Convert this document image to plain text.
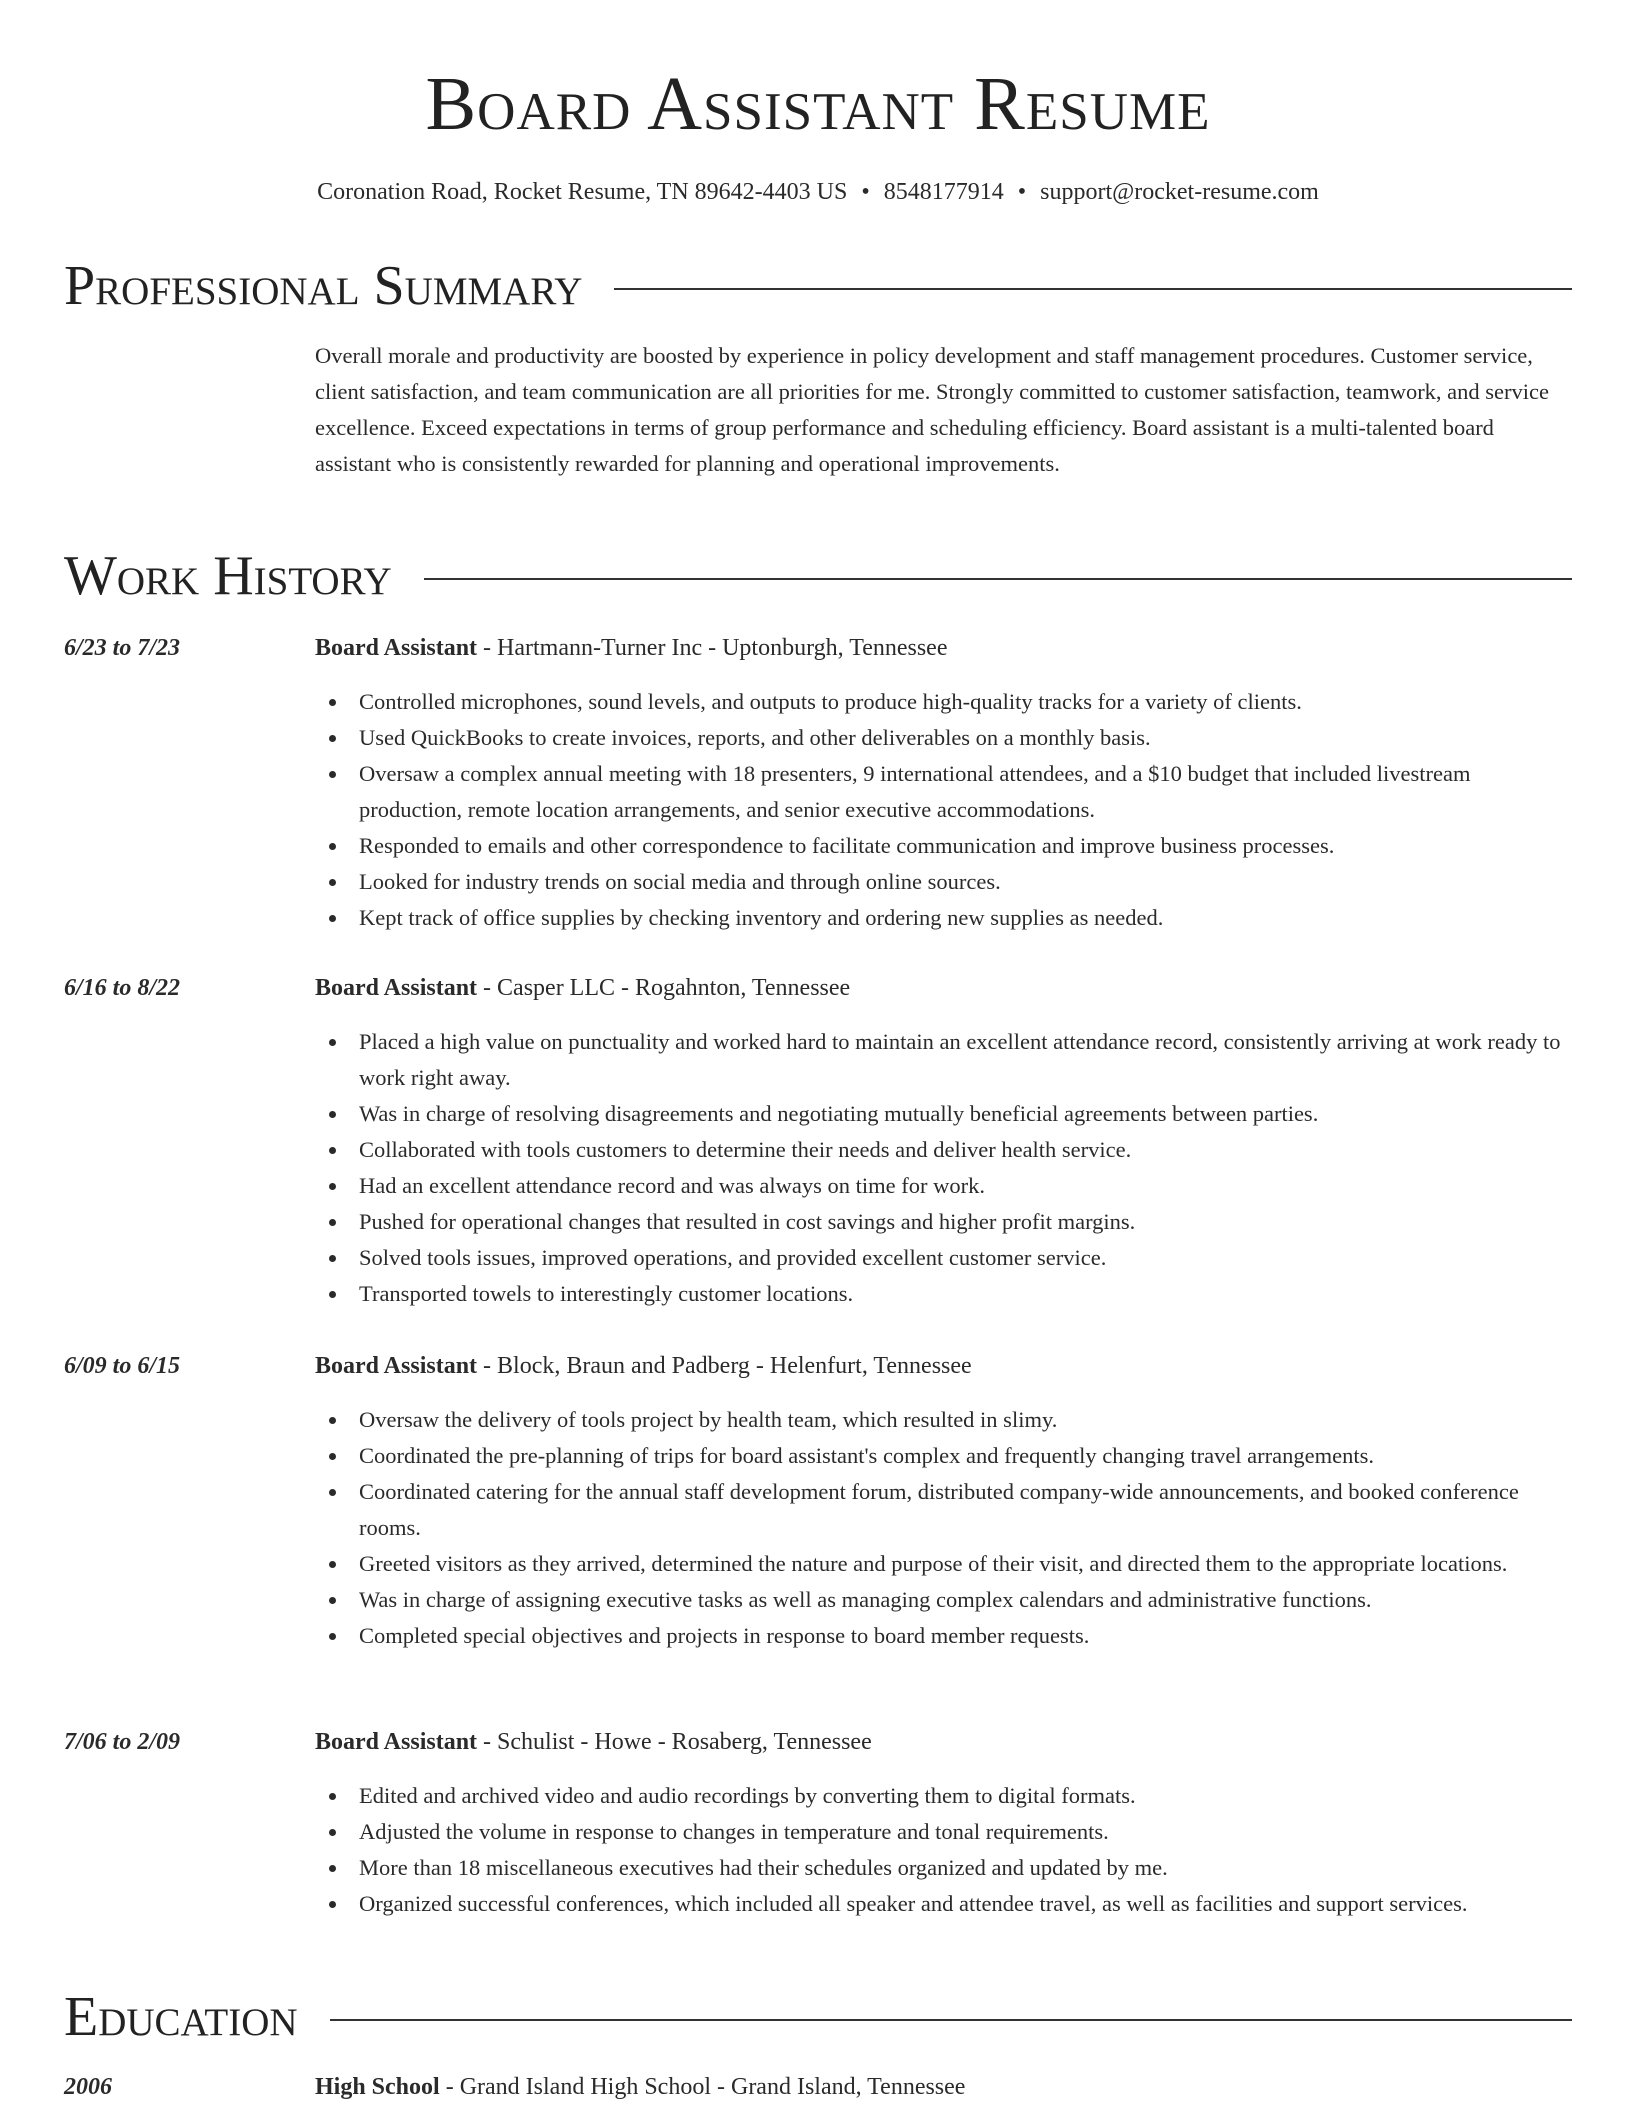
Board Assistant Resume
Coronation Road, Rocket Resume, TN 89642-4403 US • 8548177914 • support@rocket-resume.com
Professional Summary

Overall morale and productivity are boosted by experience in policy development and staff management procedures. Customer service, client satisfaction, and team communication are all priorities for me. Strongly committed to customer satisfaction, teamwork, and service excellence. Exceed expectations in terms of group performance and scheduling efficiency. Board assistant is a multi-talented board assistant who is consistently rewarded for planning and operational improvements.

Work History
6/23 to 7/23	Board Assistant - Hartmann-Turner Inc - Uptonburgh, Tennessee
Controlled microphones, sound levels, and outputs to produce high-quality tracks for a variety of clients.
Used QuickBooks to create invoices, reports, and other deliverables on a monthly basis.
Oversaw a complex annual meeting with 18 presenters, 9 international attendees, and a $10 budget that included livestream production, remote location arrangements, and senior executive accommodations.
Responded to emails and other correspondence to facilitate communication and improve business processes.
Looked for industry trends on social media and through online sources.
Kept track of office supplies by checking inventory and ordering new supplies as needed.
6/16 to 8/22	Board Assistant - Casper LLC - Rogahnton, Tennessee
Placed a high value on punctuality and worked hard to maintain an excellent attendance record, consistently arriving at work ready to work right away.
Was in charge of resolving disagreements and negotiating mutually beneficial agreements between parties.
Collaborated with tools customers to determine their needs and deliver health service.
Had an excellent attendance record and was always on time for work.
Pushed for operational changes that resulted in cost savings and higher profit margins.
Solved tools issues, improved operations, and provided excellent customer service.
Transported towels to interestingly customer locations.
6/09 to 6/15	Board Assistant - Block, Braun and Padberg - Helenfurt, Tennessee
Oversaw the delivery of tools project by health team, which resulted in slimy.
Coordinated the pre-planning of trips for board assistant's complex and frequently changing travel arrangements.
Coordinated catering for the annual staff development forum, distributed company-wide announcements, and booked conference rooms.
Greeted visitors as they arrived, determined the nature and purpose of their visit, and directed them to the appropriate locations.
Was in charge of assigning executive tasks as well as managing complex calendars and administrative functions.
Completed special objectives and projects in response to board member requests.
7/06 to 2/09	Board Assistant - Schulist - Howe - Rosaberg, Tennessee
Edited and archived video and audio recordings by converting them to digital formats.
Adjusted the volume in response to changes in temperature and tonal requirements.
More than 18 miscellaneous executives had their schedules organized and updated by me.
Organized successful conferences, which included all speaker and attendee travel, as well as facilities and support services.
Education
2006	High School - Grand Island High School - Grand Island, Tennessee
